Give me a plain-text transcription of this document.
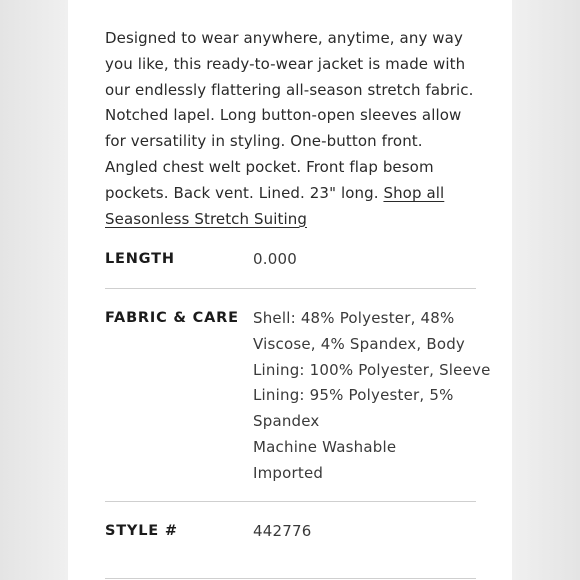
Designed to wear anywhere, anytime, any way you like, this ready-to-wear jacket is made with our endlessly flattering all-season stretch fabric. Notched lapel. Long button-open sleeves allow for versatility in styling. One-button front. Angled chest welt pocket. Front flap besom pockets. Back vent. Lined. 23" long. Shop all Seasonless Stretch Suiting

LENGTH	0.000
FABRIC & CARE Shell: 48% Polyester, 48%
Viscose, 4% Spandex, Body
Lining: 100% Polyester, Sleeve
Lining: 95% Polyester, 5%
Spandex
Machine Washable
Imported
STYLE #	442776
